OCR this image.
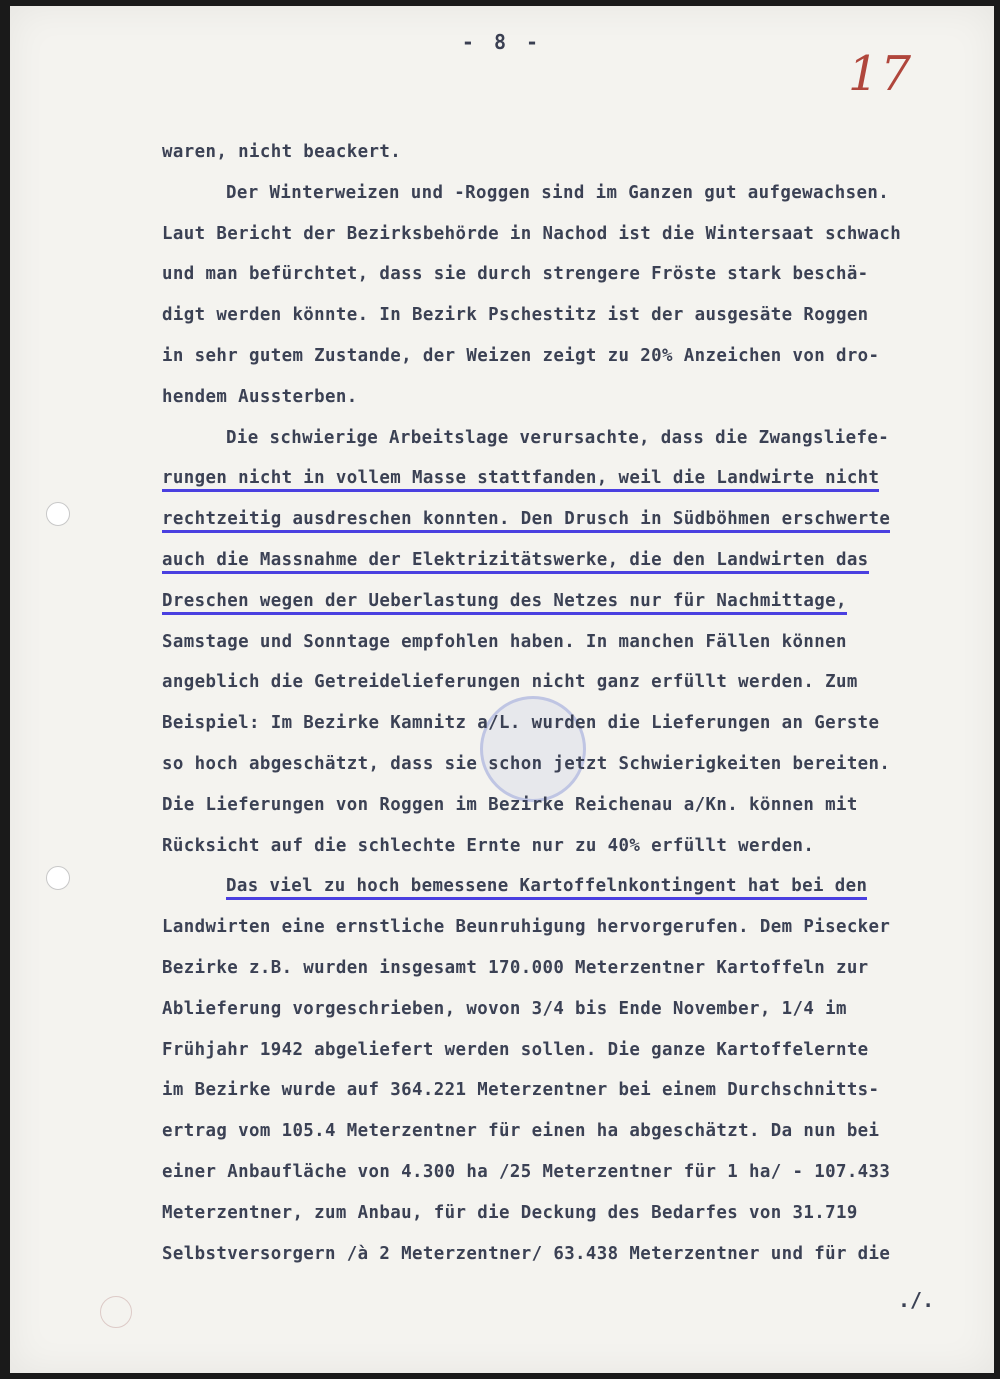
- 8 -
17
waren, nicht beackert.
Der Winterweizen und -Roggen sind im Ganzen gut aufgewachsen.
Laut Bericht der Bezirksbehörde in Nachod ist die Wintersaat schwach
und man befürchtet, dass sie durch strengere Fröste stark beschä-
digt werden könnte. In Bezirk Pschestitz ist der ausgesäte Roggen
in sehr gutem Zustande, der Weizen zeigt zu 20% Anzeichen von dro-
hendem Aussterben.
Die schwierige Arbeitslage verursachte, dass die Zwangsliefe-
rungen nicht in vollem Masse stattfanden, weil die Landwirte nicht
rechtzeitig ausdreschen konnten. Den Drusch in Südböhmen erschwerte
auch die Massnahme der Elektrizitätswerke, die den Landwirten das
Dreschen wegen der Ueberlastung des Netzes nur für Nachmittage,
Samstage und Sonntage empfohlen haben. In manchen Fällen können
angeblich die Getreidelieferungen nicht ganz erfüllt werden. Zum
Beispiel: Im Bezirke Kamnitz a/L. wurden die Lieferungen an Gerste
so hoch abgeschätzt, dass sie schon jetzt Schwierigkeiten bereiten.
Die Lieferungen von Roggen im Bezirke Reichenau a/Kn. können mit
Rücksicht auf die schlechte Ernte nur zu 40% erfüllt werden.
Das viel zu hoch bemessene Kartoffelnkontingent hat bei den
Landwirten eine ernstliche Beunruhigung hervorgerufen. Dem Pisecker
Bezirke z.B. wurden insgesamt 170.000 Meterzentner Kartoffeln zur
Ablieferung vorgeschrieben, wovon 3/4 bis Ende November, 1/4 im
Frühjahr 1942 abgeliefert werden sollen. Die ganze Kartoffelernte
im Bezirke wurde auf 364.221 Meterzentner bei einem Durchschnitts-
ertrag vom 105.4 Meterzentner für einen ha abgeschätzt. Da nun bei
einer Anbaufläche von 4.300 ha /25 Meterzentner für 1 ha/ - 107.433
Meterzentner, zum Anbau, für die Deckung des Bedarfes von 31.719
Selbstversorgern /à 2 Meterzentner/ 63.438 Meterzentner und für die
./.
